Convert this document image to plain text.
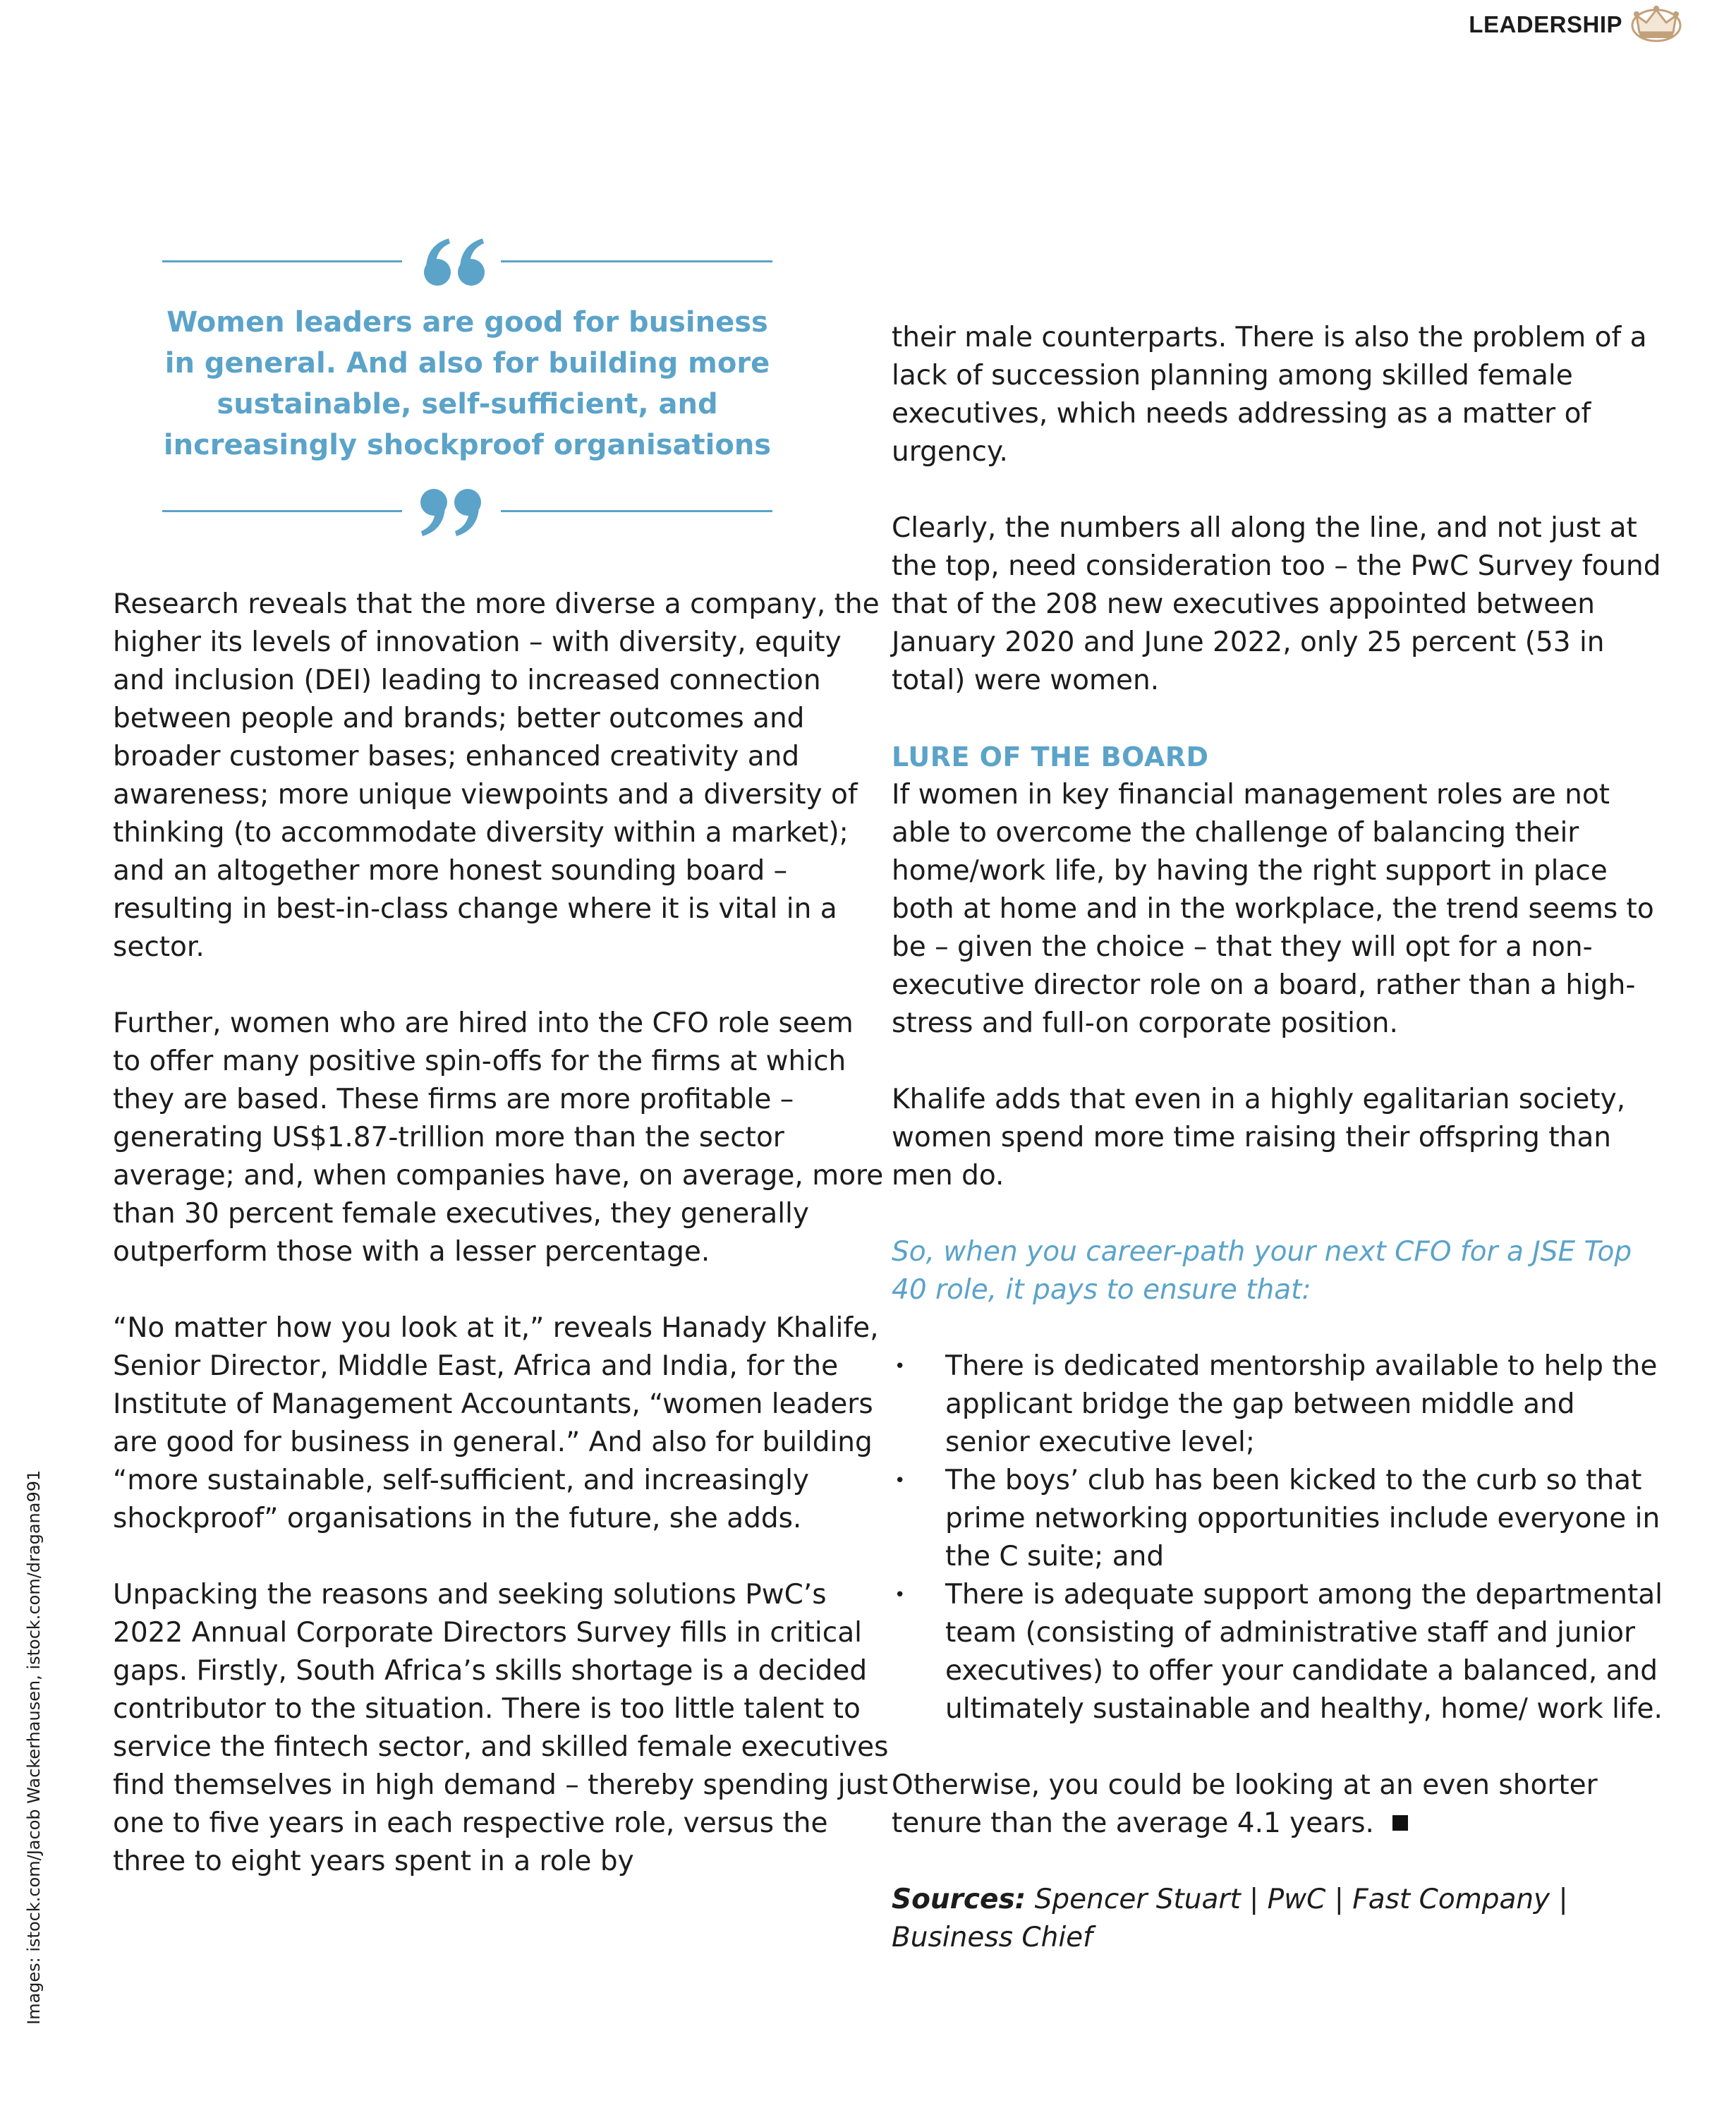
LEADERSHIP

Women leaders are good for business in general. And also for building more sustainable, self-sufficient, and increasingly shockproof organisations

Research reveals that the more diverse a company, the higher its levels of innovation – with diversity, equity and inclusion (DEI) leading to increased connection between people and brands; better outcomes and broader customer bases; enhanced creativity and awareness; more unique viewpoints and a diversity of thinking (to accommodate diversity within a market); and an altogether more honest sounding board – resulting in best-in-class change where it is vital in a sector.

Further, women who are hired into the CFO role seem to offer many positive spin-offs for the firms at which they are based. These firms are more profitable – generating US$1.87-trillion more than the sector average; and, when companies have, on average, more than 30 percent female executives, they generally outperform those with a lesser percentage.

“No matter how you look at it,” reveals Hanady Khalife, Senior Director, Middle East, Africa and India, for the Institute of Management Accountants, “women leaders are good for business in general.” And also for building “more sustainable, self-sufficient, and increasingly shockproof” organisations in the future, she adds.

Unpacking the reasons and seeking solutions PwC’s 2022 Annual Corporate Directors Survey fills in critical gaps. Firstly, South Africa’s skills shortage is a decided contributor to the situation. There is too little talent to service the fintech sector, and skilled female executives find themselves in high demand – thereby spending just one to five years in each respective role, versus the three to eight years spent in a role by

their male counterparts. There is also the problem of a lack of succession planning among skilled female executives, which needs addressing as a matter of urgency.

Clearly, the numbers all along the line, and not just at the top, need consideration too – the PwC Survey found that of the 208 new executives appointed between January 2020 and June 2022, only 25 percent (53 in total) were women.

LURE OF THE BOARD

If women in key financial management roles are not able to overcome the challenge of balancing their home/work life, by having the right support in place both at home and in the workplace, the trend seems to be – given the choice – that they will opt for a non-executive director role on a board, rather than a high-stress and full-on corporate position.

Khalife adds that even in a highly egalitarian society, women spend more time raising their offspring than men do.

So, when you career-path your next CFO for a JSE Top 40 role, it pays to ensure that:

• There is dedicated mentorship available to help the applicant bridge the gap between middle and senior executive level;
• The boys’ club has been kicked to the curb so that prime networking opportunities include everyone in the C suite; and
• There is adequate support among the departmental team (consisting of administrative staff and junior executives) to offer your candidate a balanced, and ultimately sustainable and healthy, home/ work life.

Otherwise, you could be looking at an even shorter tenure than the average 4.1 years.

Sources: Spencer Stuart | PwC | Fast Company | Business Chief

Images: istock.com/Jacob Wackerhausen, istock.com/dragana991
